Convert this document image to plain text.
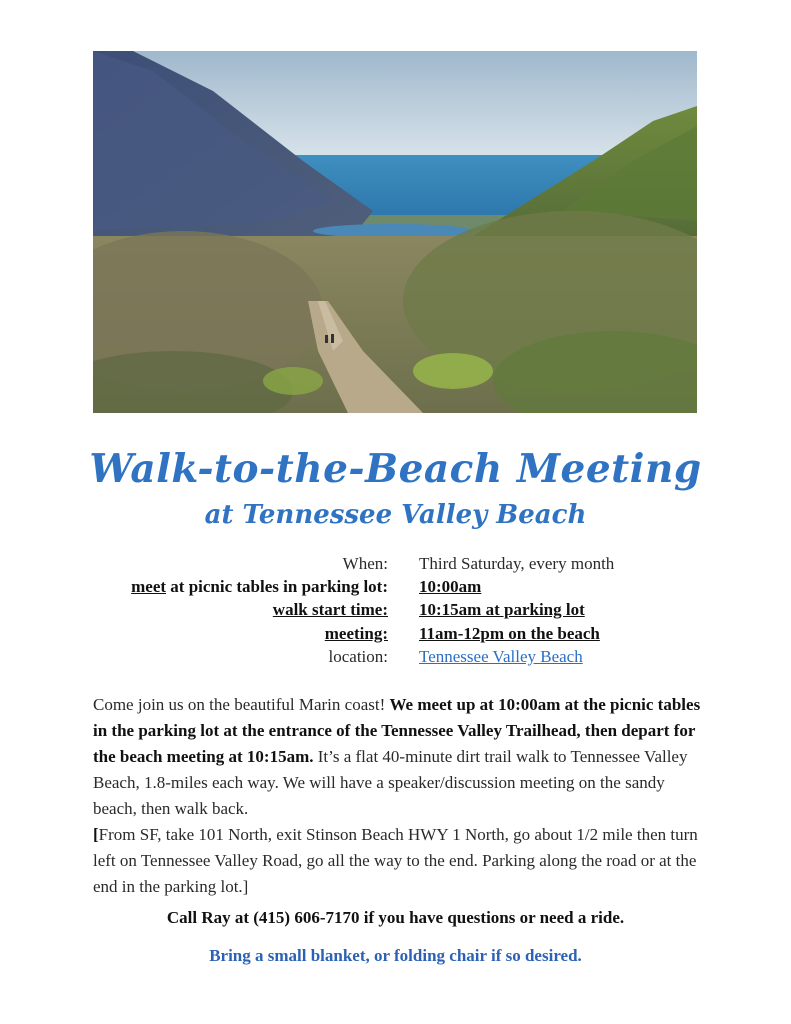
Walk-to-the-Beach Meeting
at Tennessee Valley Beach
When: Third Saturday, every month
meet at picnic tables in parking lot: 10:00am
walk start time: 10:15am at parking lot
meeting: 11am-12pm on the beach
location: Tennessee Valley Beach
Come join us on the beautiful Marin coast! We meet up at 10:00am at the picnic tables in the parking lot at the entrance of the Tennessee Valley Trailhead, then depart for the beach meeting at 10:15am. It’s a flat 40-minute dirt trail walk to Tennessee Valley Beach, 1.8-miles each way. We will have a speaker/discussion meeting on the sandy beach, then walk back.
[From SF, take 101 North, exit Stinson Beach HWY 1 North, go about 1/2 mile then turn left on Tennessee Valley Road, go all the way to the end. Parking along the road or at the end in the parking lot.]
Call Ray at (415) 606-7170 if you have questions or need a ride.
Bring a small blanket, or folding chair if so desired.
